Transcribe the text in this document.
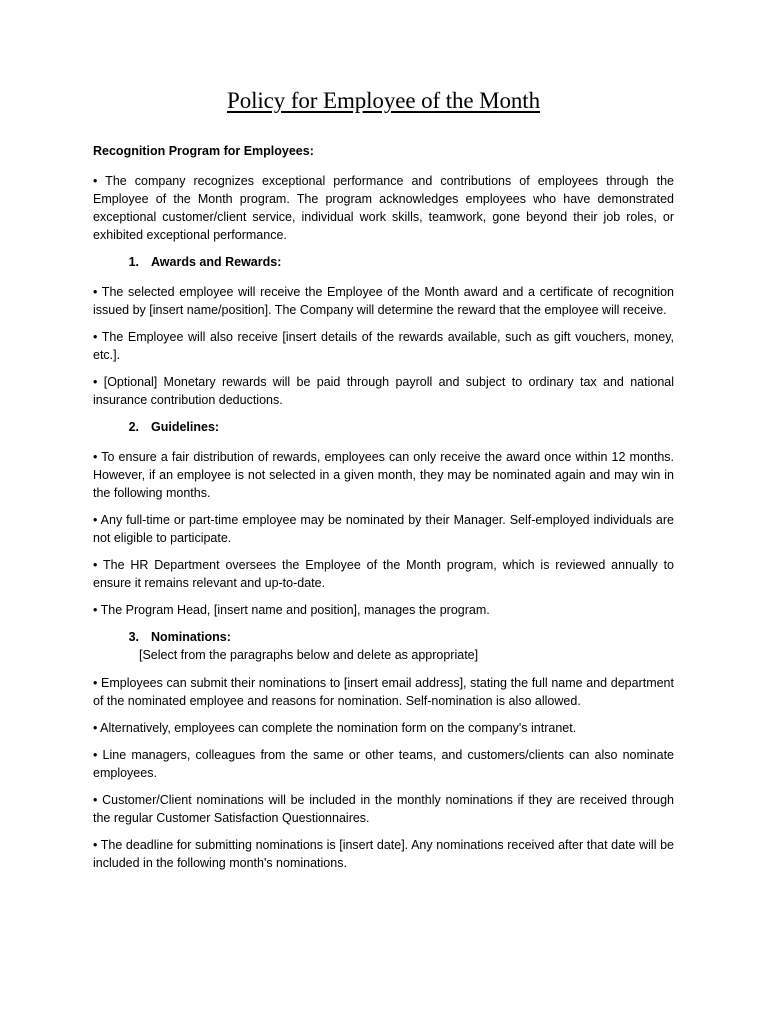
Policy for Employee of the Month
Recognition Program for Employees:

• The company recognizes exceptional performance and contributions of employees through the Employee of the Month program. The program acknowledges employees who have demonstrated exceptional customer/client service, individual work skills, teamwork, gone beyond their job roles, or exhibited exceptional performance.

1. Awards and Rewards:

• The selected employee will receive the Employee of the Month award and a certificate of recognition issued by [insert name/position]. The Company will determine the reward that the employee will receive.

• The Employee will also receive [insert details of the rewards available, such as gift vouchers, money, etc.].

• [Optional] Monetary rewards will be paid through payroll and subject to ordinary tax and national insurance contribution deductions.

2. Guidelines:

• To ensure a fair distribution of rewards, employees can only receive the award once within 12 months. However, if an employee is not selected in a given month, they may be nominated again and may win in the following months.

• Any full-time or part-time employee may be nominated by their Manager. Self-employed individuals are not eligible to participate.

• The HR Department oversees the Employee of the Month program, which is reviewed annually to ensure it remains relevant and up-to-date.

• The Program Head, [insert name and position], manages the program.

3. Nominations:
[Select from the paragraphs below and delete as appropriate]

• Employees can submit their nominations to [insert email address], stating the full name and department of the nominated employee and reasons for nomination. Self-nomination is also allowed.

• Alternatively, employees can complete the nomination form on the company's intranet.

• Line managers, colleagues from the same or other teams, and customers/clients can also nominate employees.

• Customer/Client nominations will be included in the monthly nominations if they are received through the regular Customer Satisfaction Questionnaires.

• The deadline for submitting nominations is [insert date]. Any nominations received after that date will be included in the following month's nominations.
